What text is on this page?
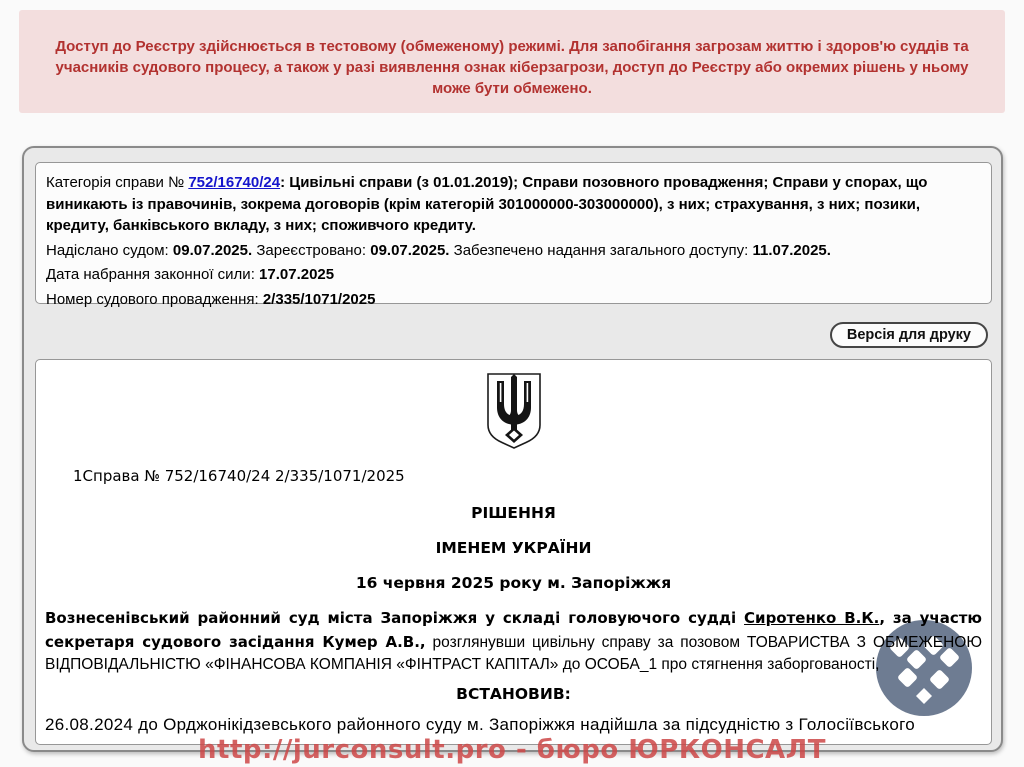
Доступ до Реєстру здійснюється в тестовому (обмеженому) режимі. Для запобігання загрозам життю і здоров'ю суддів та учасників судового процесу, а також у разі виявлення ознак кіберзагрози, доступ до Реєстру або окремих рішень у ньому може бути обмежено.

Категорія справи № 752/16740/24: Цивільні справи (з 01.01.2019); Справи позовного провадження; Справи у спорах, що виникають із правочинів, зокрема договорів (крім категорій 301000000-303000000), з них; страхування, з них; позики, кредиту, банківського вкладу, з них; споживчого кредиту.

Надіслано судом: 09.07.2025. Зареєстровано: 09.07.2025. Забезпечено надання загального доступу: 11.07.2025.

Дата набрання законної сили: 17.07.2025

Номер судового провадження: 2/335/1071/2025

Версія для друку
1Справа № 752/16740/24 2/335/1071/2025
РІШЕННЯ
ІМЕНЕМ УКРАЇНИ
16 червня 2025 року м. Запоріжжя
Вознесенівський районний суд міста Запоріжжя у складі головуючого судді Сиротенко В.К., за участю секретаря судового засідання Кумер А.В., розглянувши цивільну справу за позовом ТОВАРИСТВА З ОБМЕЖЕНОЮ ВІДПОВІДАЛЬНІСТЮ «ФІНАНСОВА КОМПАНІЯ «ФІНТРАСТ КАПІТАЛ» до ОСОБА_1 про стягнення заборгованості,
ВСТАНОВИВ:
26.08.2024 до Орджонікідзевського районного суду м. Запоріжжя надійшла за підсудністю з Голосіївського
http://jurconsult.pro - бюро ЮРКОНСАЛТ
